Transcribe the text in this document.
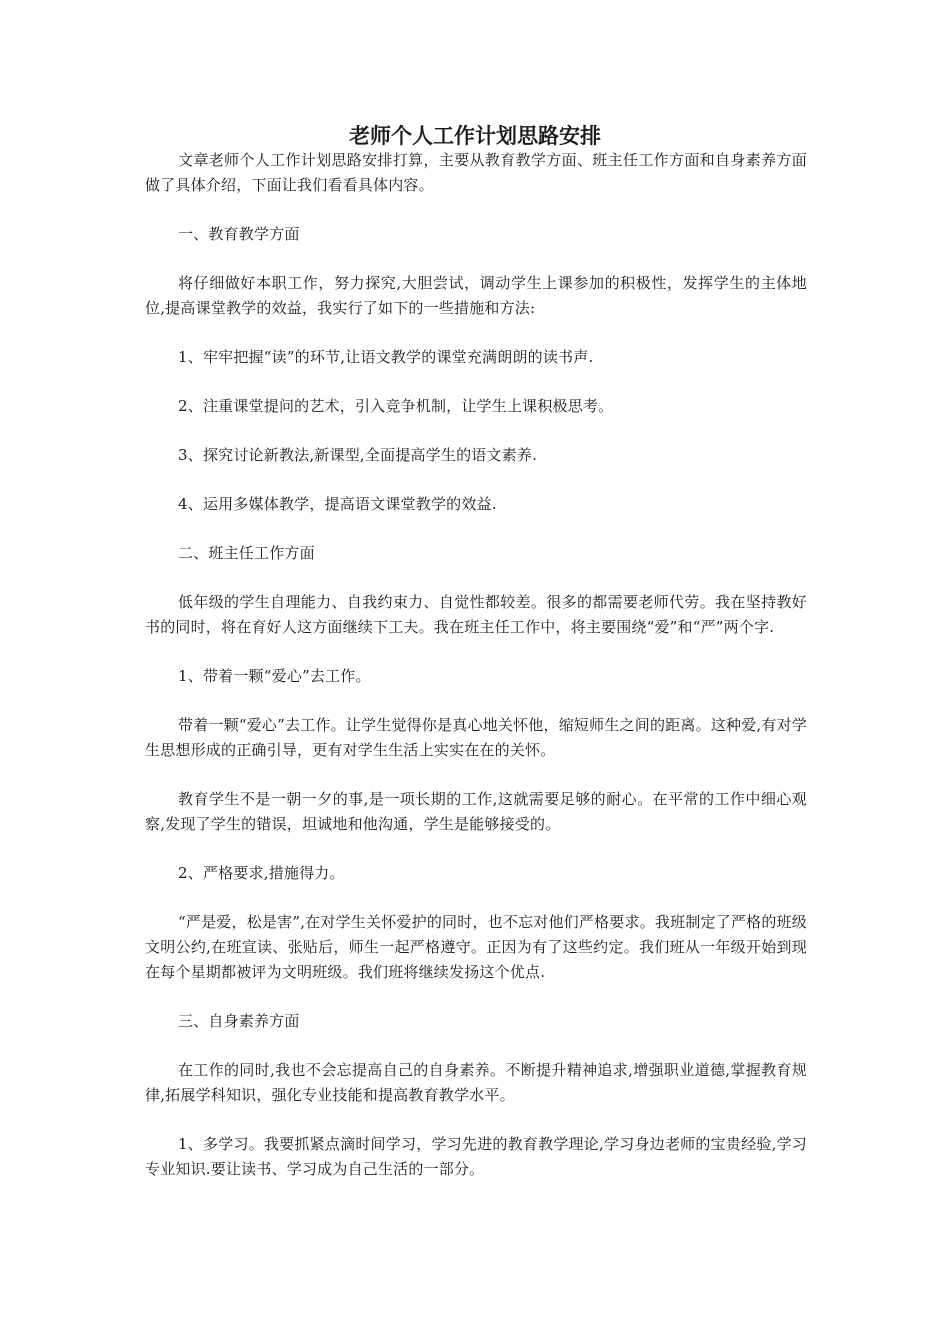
老师个人工作计划思路安排

文章老师个人工作计划思路安排打算，主要从教育教学方面、班主任工作方面和自身素养方面做了具体介绍，下面让我们看看具体内容。

一、教育教学方面

将仔细做好本职工作，努力探究,大胆尝试，调动学生上课参加的积极性，发挥学生的主体地位,提高课堂教学的效益，我实行了如下的一些措施和方法:

1、牢牢把握“读”的环节,让语文教学的课堂充满朗朗的读书声.

2、注重课堂提问的艺术，引入竞争机制，让学生上课积极思考。

3、探究讨论新教法,新课型,全面提高学生的语文素养.

4、运用多媒体教学，提高语文课堂教学的效益.

二、班主任工作方面

低年级的学生自理能力、自我约束力、自觉性都较差。很多的都需要老师代劳。我在坚持教好书的同时，将在育好人这方面继续下工夫。我在班主任工作中，将主要围绕“爱”和“严”两个字.

1、带着一颗“爱心”去工作。

带着一颗“爱心”去工作。让学生觉得你是真心地关怀他，缩短师生之间的距离。这种爱,有对学生思想形成的正确引导，更有对学生生活上实实在在的关怀。

教育学生不是一朝一夕的事,是一项长期的工作,这就需要足够的耐心。在平常的工作中细心观察,发现了学生的错误，坦诚地和他沟通，学生是能够接受的。

2、严格要求,措施得力。

“严是爱，松是害”,在对学生关怀爱护的同时，也不忘对他们严格要求。我班制定了严格的班级文明公约,在班宣读、张贴后，师生一起严格遵守。正因为有了这些约定。我们班从一年级开始到现在每个星期都被评为文明班级。我们班将继续发扬这个优点.

三、自身素养方面

在工作的同时,我也不会忘提高自己的自身素养。不断提升精神追求,增强职业道德,掌握教育规律,拓展学科知识，强化专业技能和提高教育教学水平。

1、多学习。我要抓紧点滴时间学习，学习先进的教育教学理论,学习身边老师的宝贵经验,学习专业知识.要让读书、学习成为自己生活的一部分。
